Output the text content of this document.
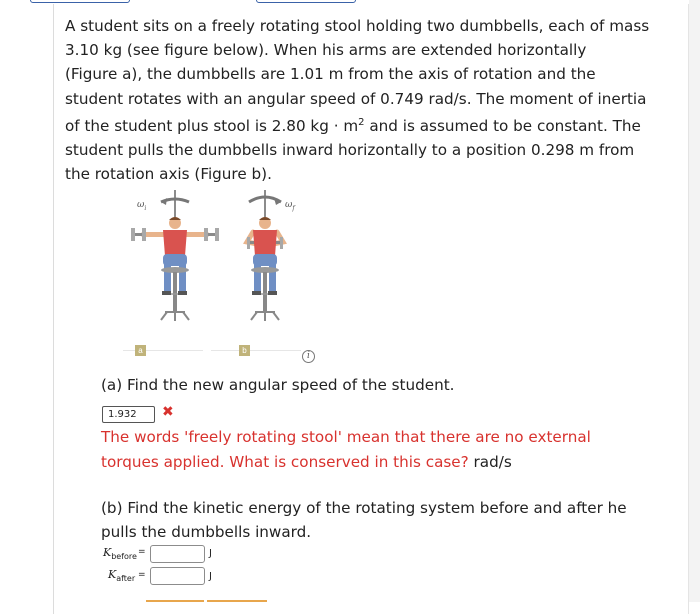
A student sits on a freely rotating stool holding two dumbbells, each of mass
3.10 kg (see figure below). When his arms are extended horizontally
(Figure a), the dumbbells are 1.01 m from the axis of rotation and the
student rotates with an angular speed of 0.749 rad/s. The moment of inertia
of the student plus stool is 2.80 kg · $m^2$ and is assumed to be constant. The
student pulls the dumbbells inward horizontally to a position 0.298 m from
the rotation axis (Figure b).
$\omega_i$	$\omega_f$
a	b
i
(a) Find the new angular speed of the student.
1.932	✖
The words 'freely rotating stool' mean that there are no external
torques applied. What is conserved in this case? rad/s
(b) Find the kinetic energy of the rotating system before and after he
pulls the dumbbells inward.
$K_{before}$ =	J
$K_{after}$ =	J
